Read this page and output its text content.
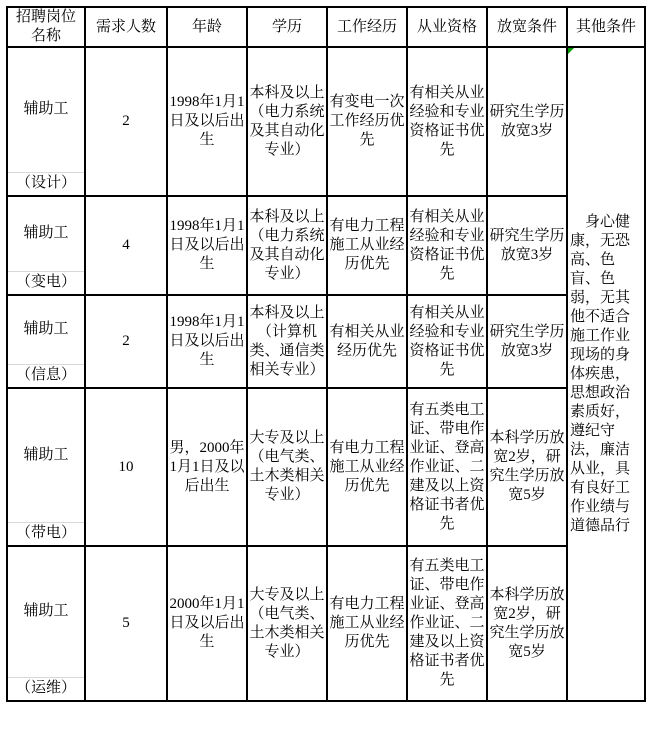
招聘岗位名称	需求人数	年龄	学历	工作经历	从业资格	放宽条件	其他条件
辅助工	2	1998年1月1日及以后出生	本科及以上（电力系统及其自动化专业）	有变电一次工作经历优先	有相关从业经验和专业资格证书优先	研究生学历放宽3岁	　身心健康，无恐高、色盲、色弱，无其他不适合施工作业现场的身体疾患，思想政治素质好，遵纪守法，廉洁从业，具有良好工作业绩与道德品行
（设计）							
辅助工	4	1998年1月1日及以后出生	本科及以上（电力系统及其自动化专业）	有电力工程施工从业经历优先	有相关从业经验和专业资格证书优先	研究生学历放宽3岁	
（变电）							
辅助工	2	1998年1月1日及以后出生	本科及以上（计算机类、通信类相关专业）	有相关从业经历优先	有相关从业经验和专业资格证书优先	研究生学历放宽3岁	
（信息）							
辅助工	10	男，2000年1月1日及以后出生	大专及以上（电气类、土木类相关专业）	有电力工程施工从业经历优先	有五类电工证、带电作业证、登高作业证、二建及以上资格证书者优先	本科学历放宽2岁，研究生学历放宽5岁	
（带电）							
辅助工	5	2000年1月1日及以后出生	大专及以上（电气类、土木类相关专业）	有电力工程施工从业经历优先	有五类电工证、带电作业证、登高作业证、二建及以上资格证书者优先	本科学历放宽2岁，研究生学历放宽5岁	
（运维）							
